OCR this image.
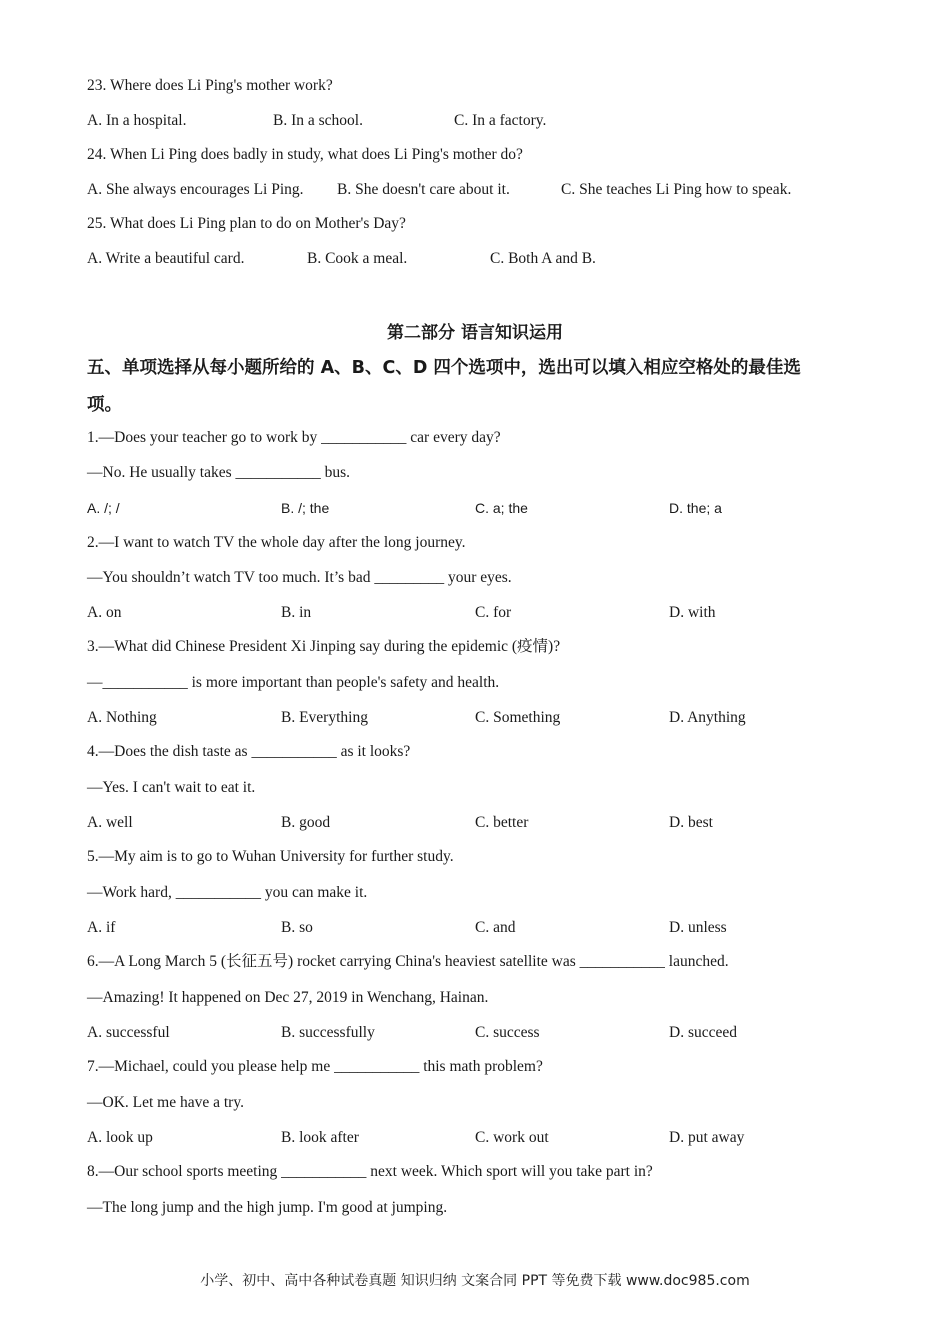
23. Where does Li Ping's mother work?
A. In a hospital.	B. In a school.	C. In a factory.
24. When Li Ping does badly in study, what does Li Ping's mother do?
A. She always encourages Li Ping. B. She doesn't care about it.	C. She teaches Li Ping how to speak.
25. What does Li Ping plan to do on Mother's Day?
A. Write a beautiful card.	B. Cook a meal.	C. Both A and B.
第二部分 语言知识运用
五、单项选择从每小题所给的 A、B、C、D 四个选项中，选出可以填入相应空格处的最佳选
项。
1.—Does your teacher go to work by ___________ car every day?
—No. He usually takes ___________ bus.
A. /; /	B. /; the	C. a; the	D. the; a
2.—I want to watch TV the whole day after the long journey.
—You shouldn’t watch TV too much. It’s bad _________ your eyes.
A. on	B. in	C. for	D. with
3.—What did Chinese President Xi Jinping say during the epidemic (疫情)?
—___________ is more important than people's safety and health.
A. Nothing	B. Everything	C. Something	D. Anything
4.—Does the dish taste as ___________ as it looks?
—Yes. I can't wait to eat it.
A. well	B. good	C. better	D. best
5.—My aim is to go to Wuhan University for further study.
—Work hard, ___________ you can make it.
A. if	B. so	C. and	D. unless
6.—A Long March 5 (长征五号) rocket carrying China's heaviest satellite was ___________ launched.
—Amazing! It happened on Dec 27, 2019 in Wenchang, Hainan.
A. successful	B. successfully	C. success	D. succeed
7.—Michael, could you please help me ___________ this math problem?
—OK. Let me have a try.
A. look up	B. look after	C. work out	D. put away
8.—Our school sports meeting ___________ next week. Which sport will you take part in?
—The long jump and the high jump. I'm good at jumping.
小学、初中、高中各种试卷真题 知识归纳 文案合同 PPT 等免费下载 www.doc985.com
